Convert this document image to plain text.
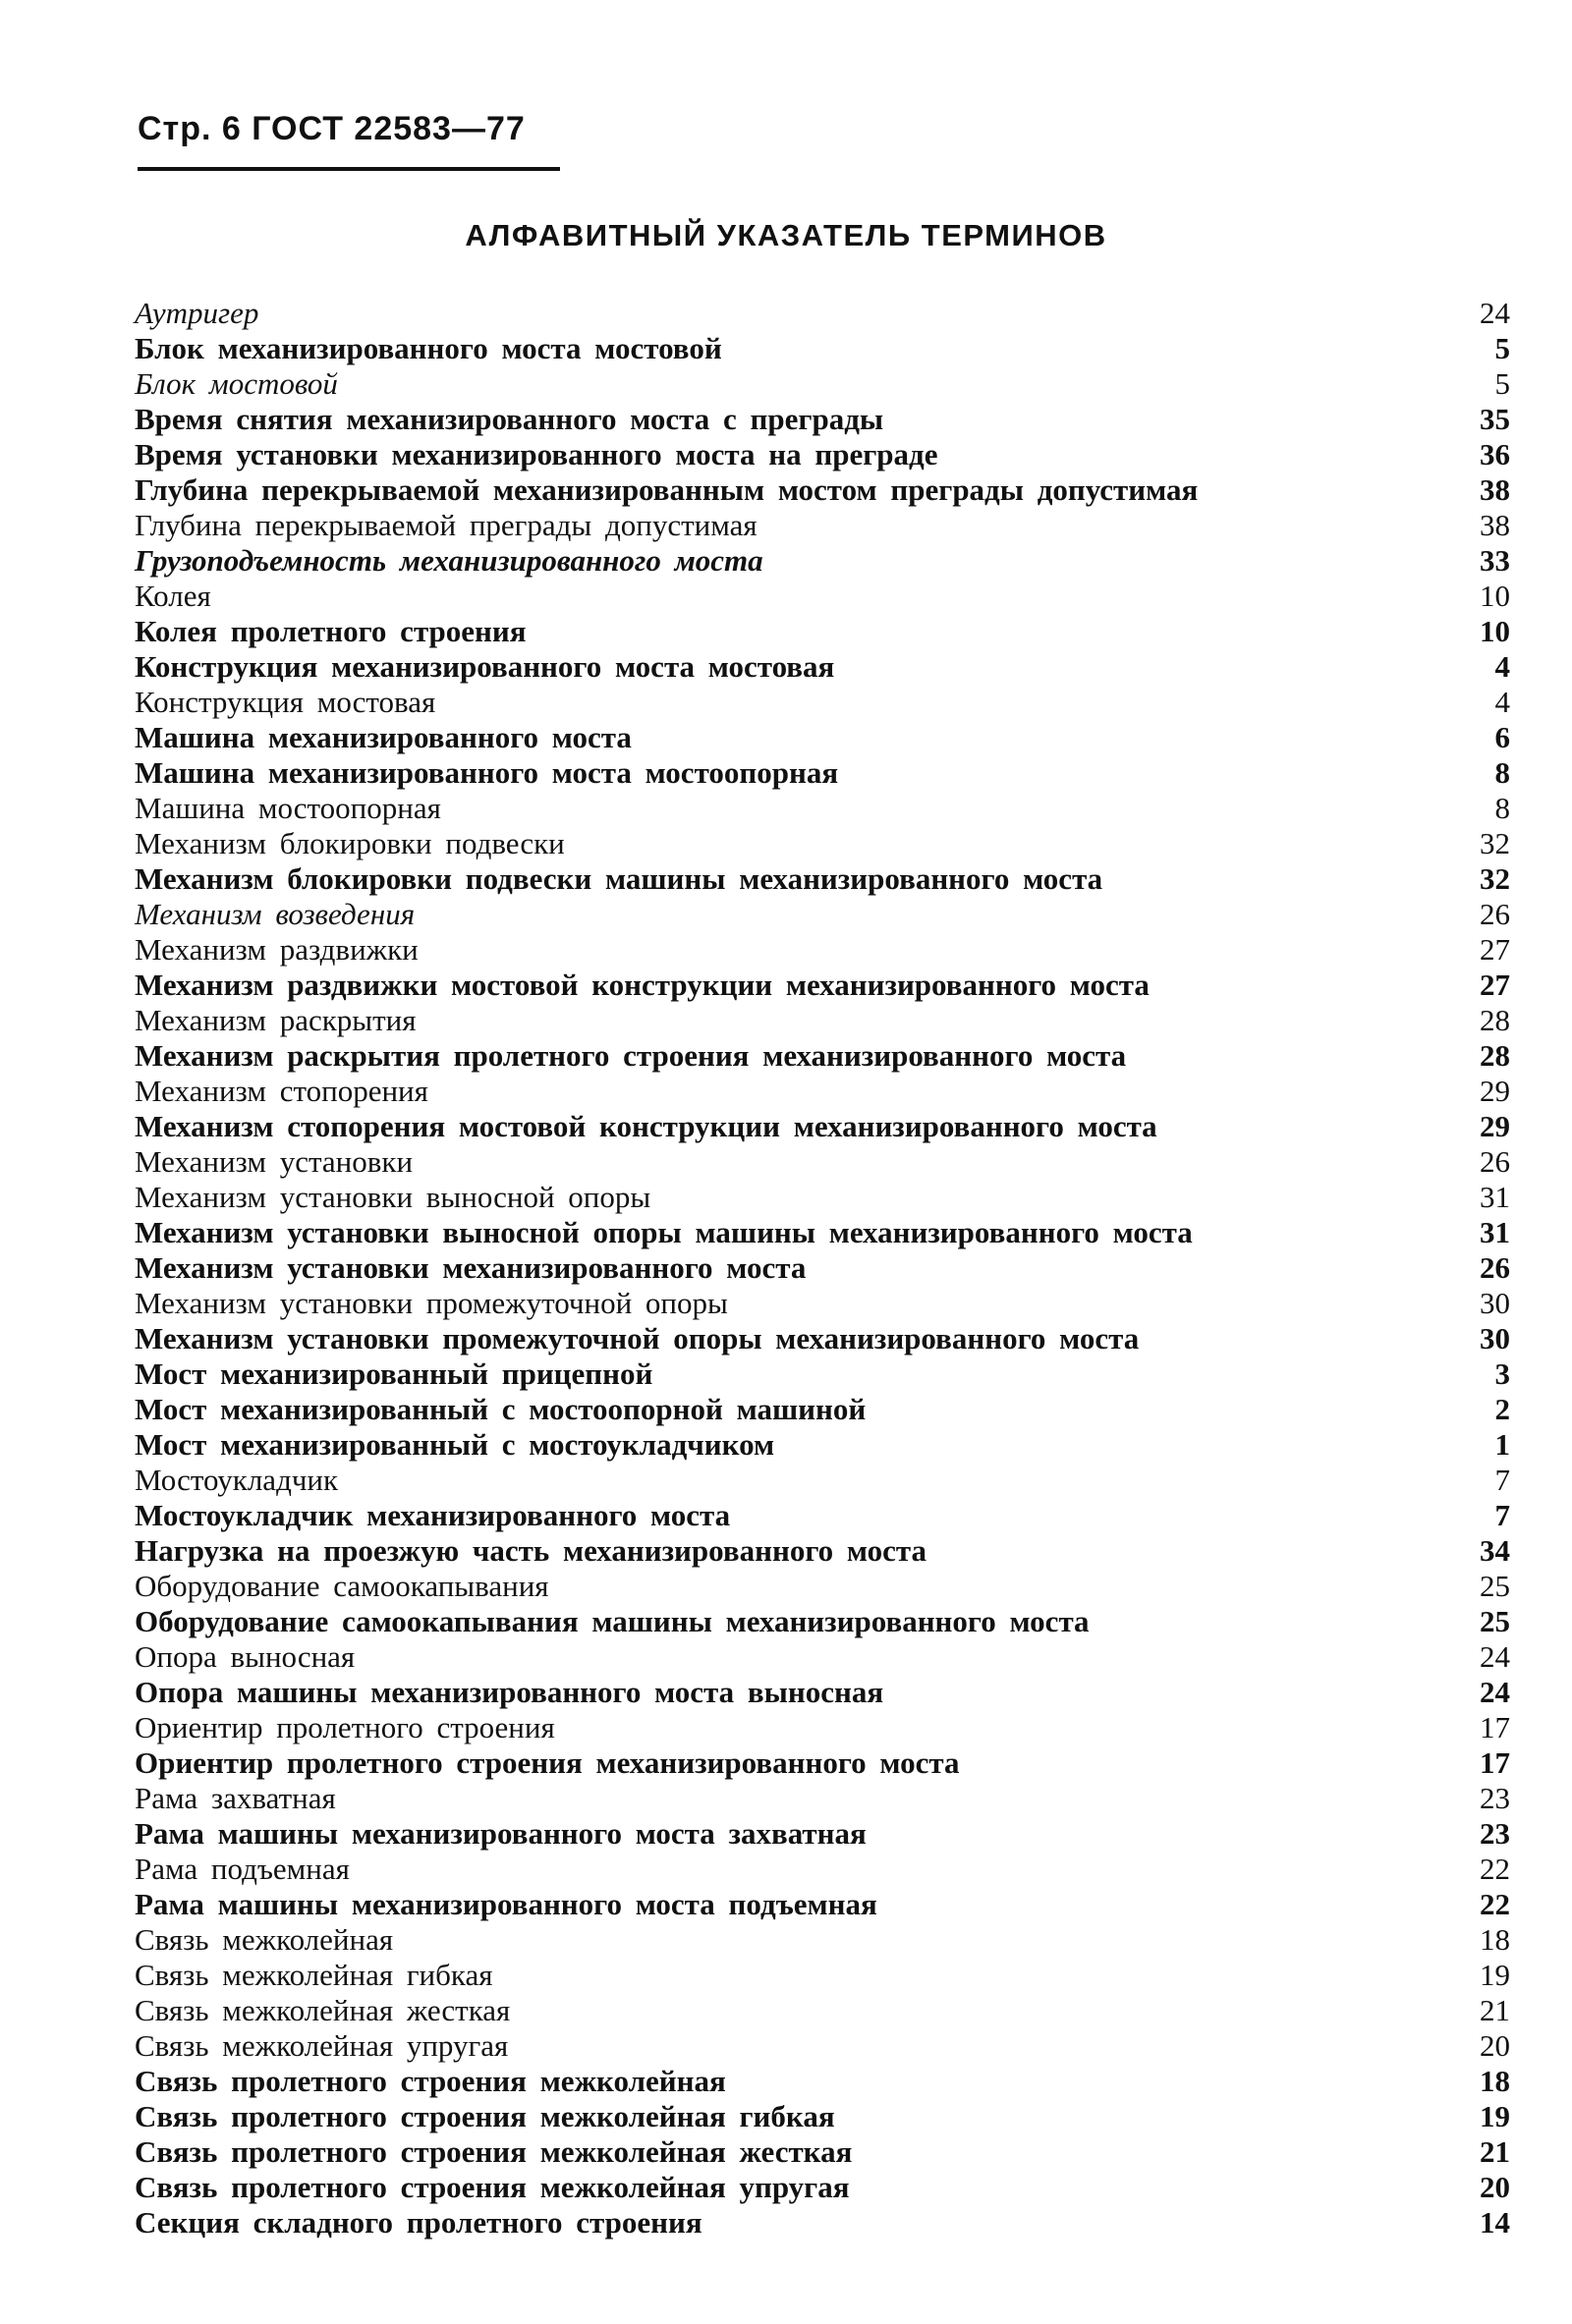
Стр. 6 ГОСТ 22583—77
АЛФАВИТНЫЙ УКАЗАТЕЛЬ ТЕРМИНОВ
Аутригер	24
Блок механизированного моста мостовой	5
Блок мостовой	5
Время снятия механизированного моста с преграды	35
Время установки механизированного моста на преграде	36
Глубина перекрываемой механизированным мостом преграды допустимая	38
Глубина перекрываемой преграды допустимая	38
Грузоподъемность механизированного моста	33
Колея	10
Колея пролетного строения	10
Конструкция механизированного моста мостовая	4
Конструкция мостовая	4
Машина механизированного моста	6
Машина механизированного моста мостоопорная	8
Машина мостоопорная	8
Механизм блокировки подвески	32
Механизм блокировки подвески машины механизированного моста	32
Механизм возведения	26
Механизм раздвижки	27
Механизм раздвижки мостовой конструкции механизированного моста	27
Механизм раскрытия	28
Механизм раскрытия пролетного строения механизированного моста	28
Механизм стопорения	29
Механизм стопорения мостовой конструкции механизированного моста	29
Механизм установки	26
Механизм установки выносной опоры	31
Механизм установки выносной опоры машины механизированного моста	31
Механизм установки механизированного моста	26
Механизм установки промежуточной опоры	30
Механизм установки промежуточной опоры механизированного моста	30
Мост механизированный прицепной	3
Мост механизированный с мостоопорной машиной	2
Мост механизированный с мостоукладчиком	1
Мостоукладчик	7
Мостоукладчик механизированного моста	7
Нагрузка на проезжую часть механизированного моста	34
Оборудование самоокапывания	25
Оборудование самоокапывания машины механизированного моста	25
Опора выносная	24
Опора машины механизированного моста выносная	24
Ориентир пролетного строения	17
Ориентир пролетного строения механизированного моста	17
Рама захватная	23
Рама машины механизированного моста захватная	23
Рама подъемная	22
Рама машины механизированного моста подъемная	22
Связь межколейная	18
Связь межколейная гибкая	19
Связь межколейная жесткая	21
Связь межколейная упругая	20
Связь пролетного строения межколейная	18
Связь пролетного строения межколейная гибкая	19
Связь пролетного строения межколейная жесткая	21
Связь пролетного строения межколейная упругая	20
Секция складного пролетного строения	14
